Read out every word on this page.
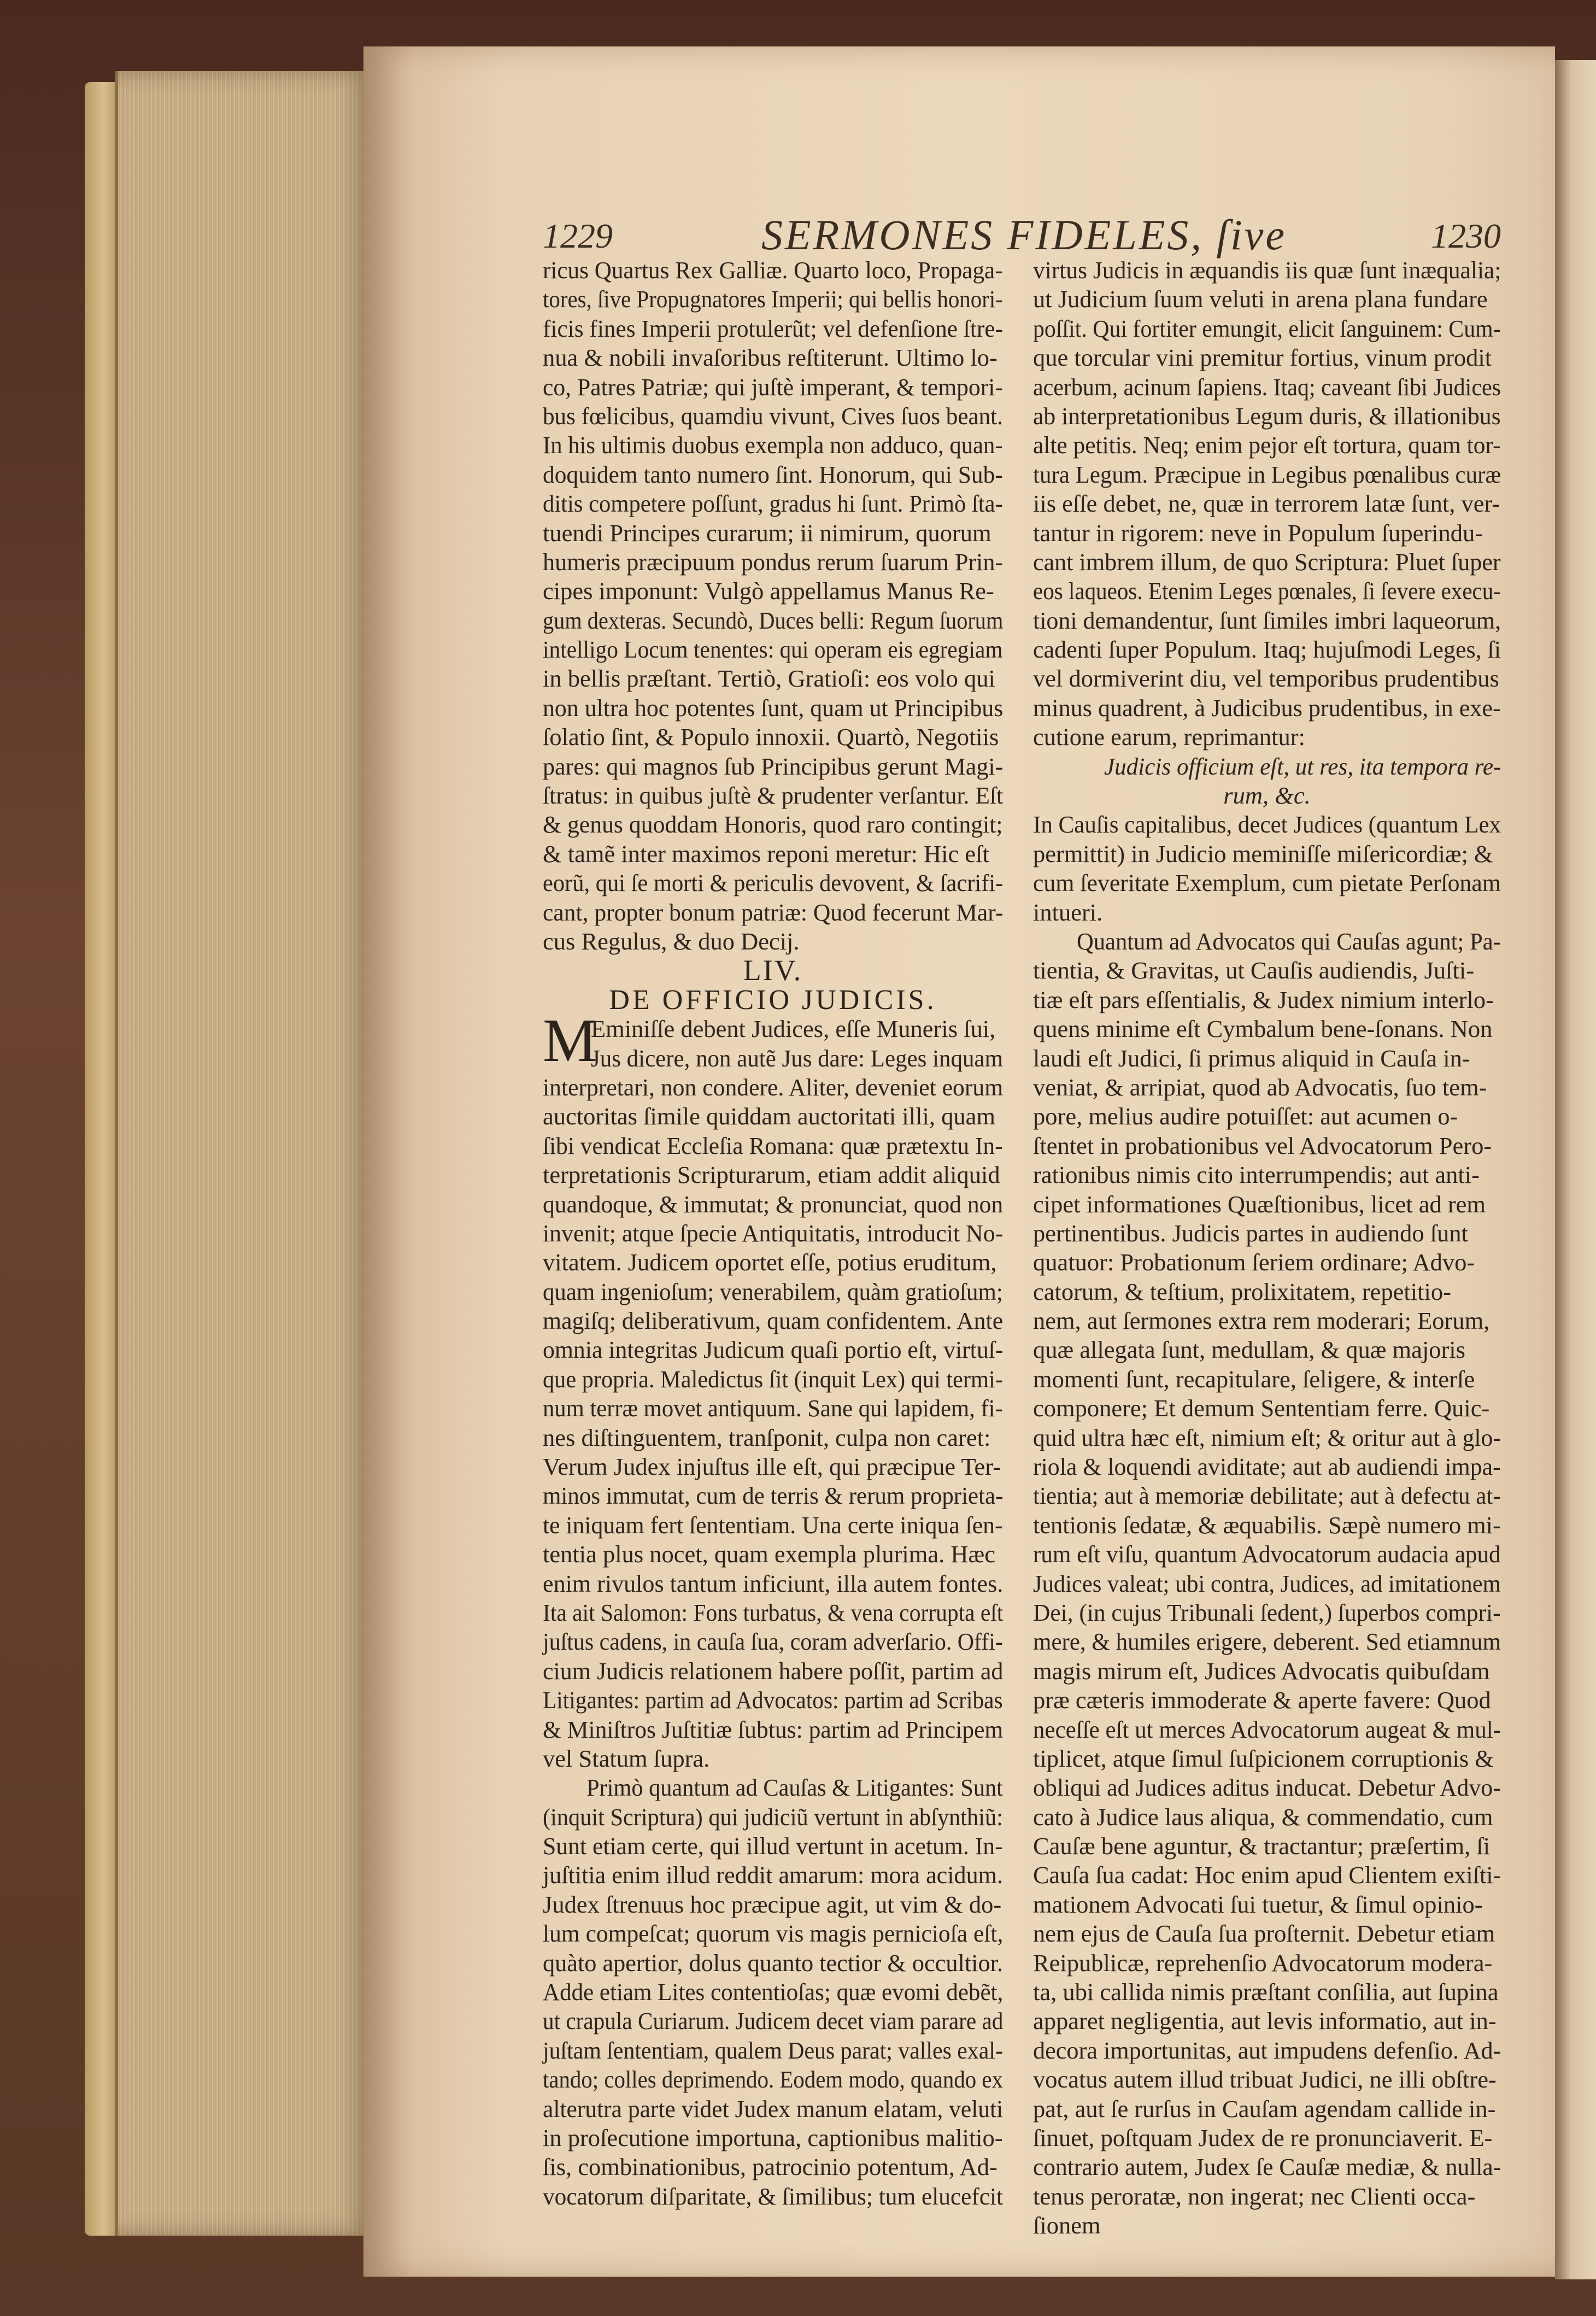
1229	SERMONES FIDELES, ſive	1230
ricus Quartus Rex Galliæ. Quarto loco, Propaga-
tores, ſive Propugnatores Imperii; qui bellis honori-
ficis fines Imperii protulerũt; vel defenſione ſtre-
nua & nobili invaſoribus reſtiterunt. Ultimo lo-
co, Patres Patriæ; qui juſtè imperant, & tempori-
bus fœlicibus, quamdiu vivunt, Cives ſuos beant.
In his ultimis duobus exempla non adduco, quan-
doquidem tanto numero ſint. Honorum, qui Sub-
ditis competere poſſunt, gradus hi ſunt. Primò ſta-
tuendi Principes curarum; ii nimirum, quorum
humeris præcipuum pondus rerum ſuarum Prin-
cipes imponunt: Vulgò appellamus Manus Re-
gum dexteras. Secundò, Duces belli: Regum ſuorum
intelligo Locum tenentes: qui operam eis egregiam
in bellis præſtant. Tertiò, Gratioſi: eos volo qui
non ultra hoc potentes ſunt, quam ut Principibus
ſolatio ſint, & Populo innoxii. Quartò, Negotiis
pares: qui magnos ſub Principibus gerunt Magi-
ſtratus: in quibus juſtè & prudenter verſantur. Eſt
& genus quoddam Honoris, quod raro contingit;
& tamẽ inter maximos reponi meretur: Hic eſt
eorũ, qui ſe morti & periculis devovent, & ſacrifi-
cant, propter bonum patriæ: Quod fecerunt Mar-
cus Regulus, & duo Decij.
LIV.
DE OFFICIO JUDICIS.
M
Eminiſſe debent Judices, eſſe Muneris ſui,
Jus dicere, non autẽ Jus dare: Leges inquam
interpretari, non condere. Aliter, deveniet eorum
auctoritas ſimile quiddam auctoritati illi, quam
ſibi vendicat Eccleſia Romana: quæ prætextu In-
terpretationis Scripturarum, etiam addit aliquid
quandoque, & immutat; & pronunciat, quod non
invenit; atque ſpecie Antiquitatis, introducit No-
vitatem. Judicem oportet eſſe, potius eruditum,
quam ingenioſum; venerabilem, quàm gratioſum;
magiſq; deliberativum, quam confidentem. Ante
omnia integritas Judicum quaſi portio eſt, virtuſ-
que propria. Maledictus ſit (inquit Lex) qui termi-
num terræ movet antiquum. Sane qui lapidem, fi-
nes diſtinguentem, tranſponit, culpa non caret:
Verum Judex injuſtus ille eſt, qui præcipue Ter-
minos immutat, cum de terris & rerum proprieta-
te iniquam fert ſententiam. Una certe iniqua ſen-
tentia plus nocet, quam exempla plurima. Hæc
enim rivulos tantum inficiunt, illa autem fontes.
Ita ait Salomon: Fons turbatus, & vena corrupta eſt
juſtus cadens, in cauſa ſua, coram adverſario. Offi-
cium Judicis relationem habere poſſit, partim ad
Litigantes: partim ad Advocatos: partim ad Scribas
& Miniſtros Juſtitiæ ſubtus: partim ad Principem
vel Statum ſupra.
Primò quantum ad Cauſas & Litigantes: Sunt
(inquit Scriptura) qui judiciũ vertunt in abſynthiũ:
Sunt etiam certe, qui illud vertunt in acetum. In-
juſtitia enim illud reddit amarum: mora acidum.
Judex ſtrenuus hoc præcipue agit, ut vim & do-
lum compeſcat; quorum vis magis pernicioſa eſt,
quàto apertior, dolus quanto tectior & occultior.
Adde etiam Lites contentioſas; quæ evomi debẽt,
ut crapula Curiarum. Judicem decet viam parare ad
juſtam ſententiam, qualem Deus parat; valles exal-
tando; colles deprimendo. Eodem modo, quando ex
alterutra parte videt Judex manum elatam, veluti
in proſecutione importuna, captionibus malitio-
ſis, combinationibus, patrocinio potentum, Ad-
vocatorum diſparitate, & ſimilibus; tum elucefcit
virtus Judicis in æquandis iis quæ ſunt inæqualia;
ut Judicium ſuum veluti in arena plana fundare
poſſit. Qui fortiter emungit, elicit ſanguinem: Cum-
que torcular vini premitur fortius, vinum prodit
acerbum, acinum ſapiens. Itaq; caveant ſibi Judices
ab interpretationibus Legum duris, & illationibus
alte petitis. Neq; enim pejor eſt tortura, quam tor-
tura Legum. Præcipue in Legibus pœnalibus curæ
iis eſſe debet, ne, quæ in terrorem latæ ſunt, ver-
tantur in rigorem: neve in Populum ſuperindu-
cant imbrem illum, de quo Scriptura: Pluet ſuper
eos laqueos. Etenim Leges pœnales, ſi ſevere execu-
tioni demandentur, ſunt ſimiles imbri laqueorum,
cadenti ſuper Populum. Itaq; hujuſmodi Leges, ſi
vel dormiverint diu, vel temporibus prudentibus
minus quadrent, à Judicibus prudentibus, in exe-
cutione earum, reprimantur:
Judicis officium eſt, ut res, ita tempora re-
rum, &c.
In Cauſis capitalibus, decet Judices (quantum Lex
permittit) in Judicio meminiſſe miſericordiæ; &
cum ſeveritate Exemplum, cum pietate Perſonam
intueri.
Quantum ad Advocatos qui Cauſas agunt; Pa-
tientia, & Gravitas, ut Cauſis audiendis, Juſti-
tiæ eſt pars eſſentialis, & Judex nimium interlo-
quens minime eſt Cymbalum bene-ſonans. Non
laudi eſt Judici, ſi primus aliquid in Cauſa in-
veniat, & arripiat, quod ab Advocatis, ſuo tem-
pore, melius audire potuiſſet: aut acumen o-
ſtentet in probationibus vel Advocatorum Pero-
rationibus nimis cito interrumpendis; aut anti-
cipet informationes Quæſtionibus, licet ad rem
pertinentibus. Judicis partes in audiendo ſunt
quatuor: Probationum ſeriem ordinare; Advo-
catorum, & teſtium, prolixitatem, repetitio-
nem, aut ſermones extra rem moderari; Eorum,
quæ allegata ſunt, medullam, & quæ majoris
momenti ſunt, recapitulare, ſeligere, & interſe
componere; Et demum Sententiam ferre. Quic-
quid ultra hæc eſt, nimium eſt; & oritur aut à glo-
riola & loquendi aviditate; aut ab audiendi impa-
tientia; aut à memoriæ debilitate; aut à defectu at-
tentionis ſedatæ, & æquabilis. Sæpè numero mi-
rum eſt viſu, quantum Advocatorum audacia apud
Judices valeat; ubi contra, Judices, ad imitationem
Dei, (in cujus Tribunali ſedent,) ſuperbos compri-
mere, & humiles erigere, deberent. Sed etiamnum
magis mirum eſt, Judices Advocatis quibuſdam
præ cæteris immoderate & aperte favere: Quod
neceſſe eſt ut merces Advocatorum augeat & mul-
tiplicet, atque ſimul ſuſpicionem corruptionis &
obliqui ad Judices aditus inducat. Debetur Advo-
cato à Judice laus aliqua, & commendatio, cum
Cauſæ bene aguntur, & tractantur; præſertim, ſi
Cauſa ſua cadat: Hoc enim apud Clientem exiſti-
mationem Advocati ſui tuetur, & ſimul opinio-
nem ejus de Cauſa ſua proſternit. Debetur etiam
Reipublicæ, reprehenſio Advocatorum modera-
ta, ubi callida nimis præſtant conſilia, aut ſupina
apparet negligentia, aut levis informatio, aut in-
decora importunitas, aut impudens defenſio. Ad-
vocatus autem illud tribuat Judici, ne illi obſtre-
pat, aut ſe rurſus in Cauſam agendam callide in-
ſinuet, poſtquam Judex de re pronunciaverit. E-
contrario autem, Judex ſe Cauſæ mediæ, & nulla-
tenus peroratæ, non ingerat; nec Clienti occa-
ſionem
